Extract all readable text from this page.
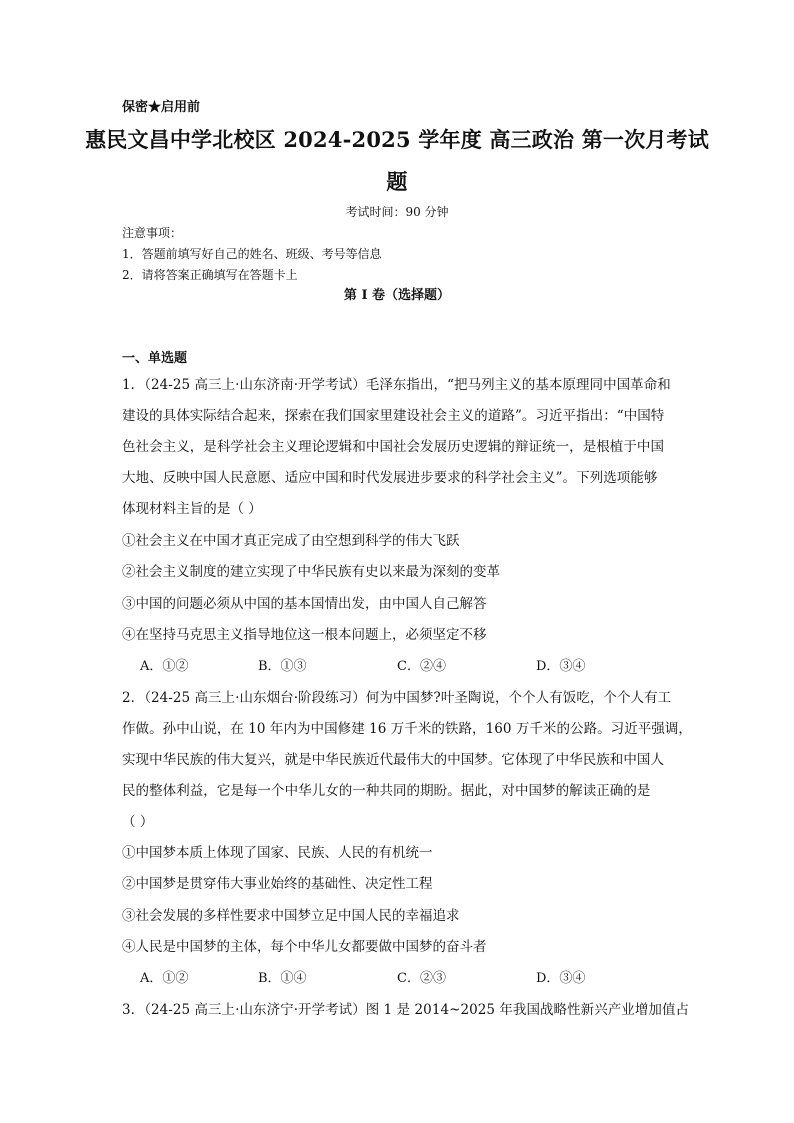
保密★启用前
惠民文昌中学北校区 2024-2025 学年度 高三政治 第一次月考试
题
考试时间：90 分钟
注意事项：
1．答题前填写好自己的姓名、班级、考号等信息
2．请将答案正确填写在答题卡上
第 I 卷（选择题）
一、单选题
1．（24-25 高三上·山东济南·开学考试）毛泽东指出，“把马列主义的基本原理同中国革命和
建设的具体实际结合起来，探索在我们国家里建设社会主义的道路”。习近平指出：“中国特
色社会主义，是科学社会主义理论逻辑和中国社会发展历史逻辑的辩证统一，是根植于中国
大地、反映中国人民意愿、适应中国和时代发展进步要求的科学社会主义”。下列选项能够
体现材料主旨的是（ ）
①社会主义在中国才真正完成了由空想到科学的伟大飞跃
②社会主义制度的建立实现了中华民族有史以来最为深刻的变革
③中国的问题必须从中国的基本国情出发，由中国人自己解答
④在坚持马克思主义指导地位这一根本问题上，必须坚定不移
A．①②	B．①③	C．②④	D．③④
2．（24-25 高三上·山东烟台·阶段练习）何为中国梦?叶圣陶说，个个人有饭吃，个个人有工
作做。孙中山说，在 10 年内为中国修建 16 万千米的铁路，160 万千米的公路。习近平强调，
实现中华民族的伟大复兴，就是中华民族近代最伟大的中国梦。它体现了中华民族和中国人
民的整体利益，它是每一个中华儿女的一种共同的期盼。据此，对中国梦的解读正确的是
（ ）
①中国梦本质上体现了国家、民族、人民的有机统一
②中国梦是贯穿伟大事业始终的基础性、决定性工程
③社会发展的多样性要求中国梦立足中国人民的幸福追求
④人民是中国梦的主体，每个中华儿女都要做中国梦的奋斗者
A．①②	B．①④	C．②③	D．③④
3．（24-25 高三上·山东济宁·开学考试）图 1 是 2014~2025 年我国战略性新兴产业增加值占
